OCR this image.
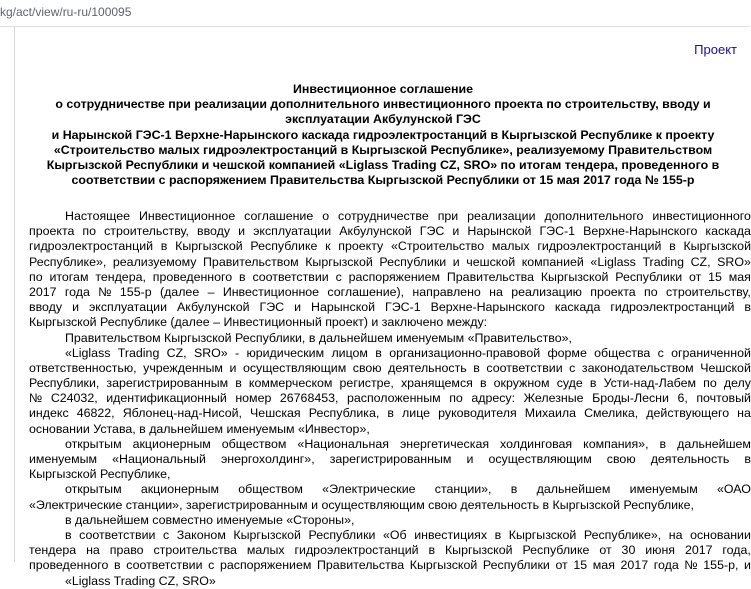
kg/act/view/ru-ru/100095
Проект
Инвестиционное соглашение
о сотрудничестве при реализации дополнительного инвестиционного проекта по строительству, вводу и
эксплуатации Акбулунской ГЭС
и Нарынской ГЭС-1 Верхне-Нарынского каскада гидроэлектростанций в Кыргызской Республике к проекту
«Строительство малых гидроэлектростанций в Кыргызской Республике», реализуемому Правительством
Кыргызской Республики и чешской компанией «Liglass Trading CZ, SRO» по итогам тендера, проведенного в
соответствии с распоряжением Правительства Кыргызской Республики от 15 мая 2017 года № 155-р
Настоящее Инвестиционное соглашение о сотрудничестве при реализации дополнительного инвестиционного
проекта по строительству, вводу и эксплуатации Акбулунской ГЭС и Нарынской ГЭС-1 Верхне-Нарынского каскада
гидроэлектростанций в Кыргызской Республике к проекту «Строительство малых гидроэлектростанций в Кыргызской
Республике», реализуемому Правительством Кыргызской Республики и чешской компанией «Liglass Trading CZ, SRO»
по итогам тендера, проведенного в соответствии с распоряжением Правительства Кыргызской Республики от 15 мая
2017 года № 155-р (далее – Инвестиционное соглашение), направлено на реализацию проекта по строительству,
вводу и эксплуатации Акбулунской ГЭС и Нарынской ГЭС-1 Верхне-Нарынского каскада гидроэлектростанций в
Кыргызской Республике (далее – Инвестиционный проект) и заключено между:
Правительством Кыргызской Республики, в дальнейшем именуемым «Правительство»,
«Liglass Trading CZ, SRO» - юридическим лицом в организационно-правовой форме общества с ограниченной
ответственностью, учрежденным и осуществляющим свою деятельность в соответствии с законодательством Чешской
Республики, зарегистрированным в коммерческом регистре, хранящемся в окружном суде в Усти-над-Лабем по делу
№ C24032, идентификационный номер 26768453, расположенным по адресу: Железные Броды-Лесни 6, почтовый
индекс 46822, Яблонец-над-Нисой, Чешская Республика, в лице руководителя Михаила Смелика, действующего на
основании Устава, в дальнейшем именуемым «Инвестор»,
открытым акционерным обществом «Национальная энергетическая холдинговая компания», в дальнейшем
именуемым «Национальный энергохолдинг», зарегистрированным и осуществляющим свою деятельность в
Кыргызской Республике,
открытым акционерным обществом «Электрические станции», в дальнейшем именуемым «ОАО
«Электрические станции», зарегистрированным и осуществляющим свою деятельность в Кыргызской Республике,
в дальнейшем совместно именуемые «Стороны»,
в соответствии с Законом Кыргызской Республики «Об инвестициях в Кыргызской Республике», на основании
тендера на право строительства малых гидроэлектростанций в Кыргызской Республике от 30 июня 2017 года,
проведенного в соответствии с распоряжением Правительства Кыргызской Республики от 15 мая 2017 года № 155-р, и
«Liglass Trading CZ, SRO»
